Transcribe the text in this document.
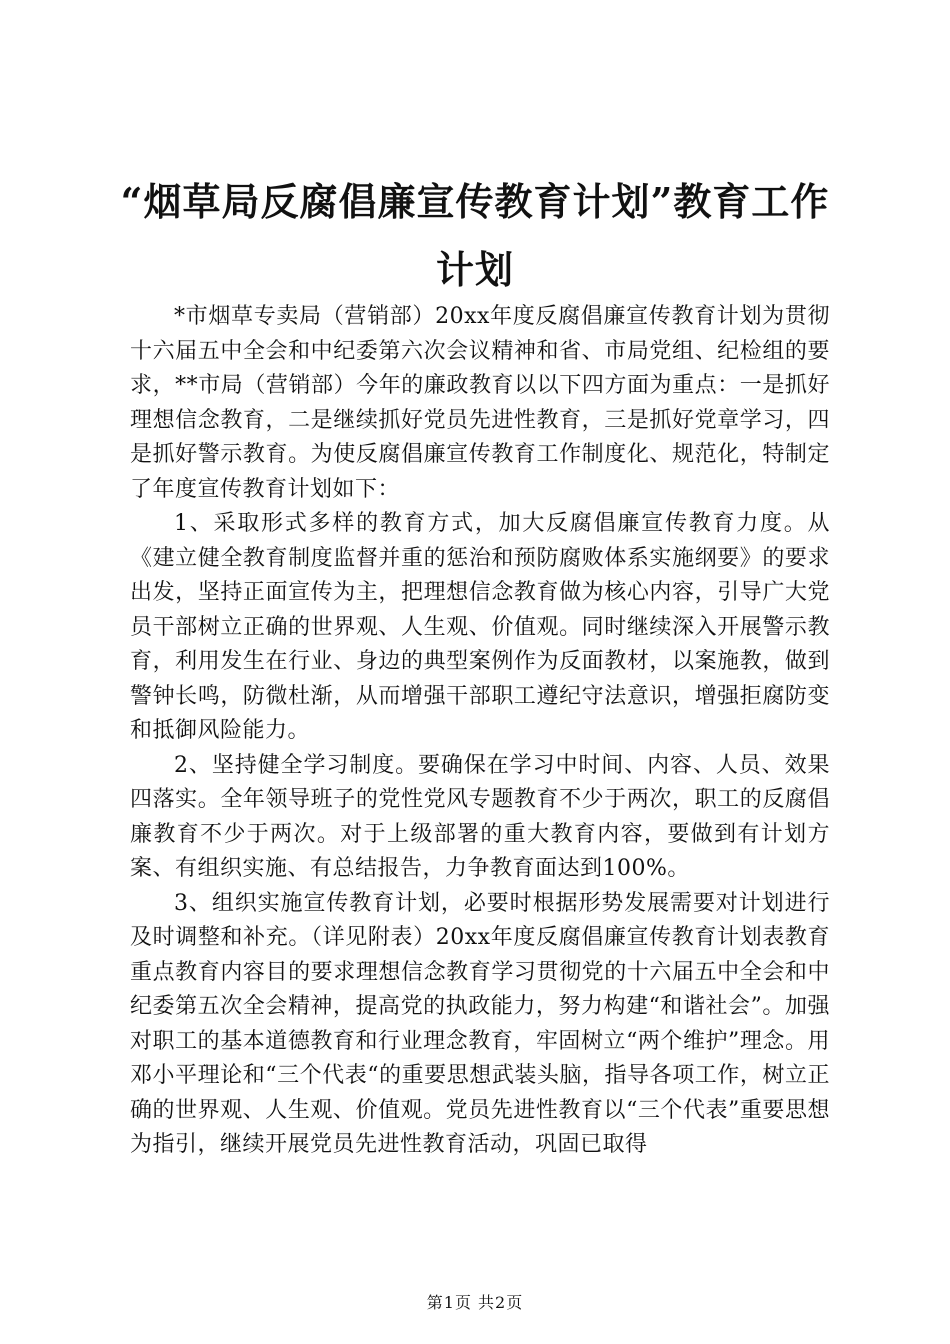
“烟草局反腐倡廉宣传教育计划”教育工作计划

*市烟草专卖局（营销部）20xx年度反腐倡廉宣传教育计划为贯彻十六届五中全会和中纪委第六次会议精神和省、市局党组、纪检组的要求，**市局（营销部）今年的廉政教育以以下四方面为重点：一是抓好理想信念教育，二是继续抓好党员先进性教育，三是抓好党章学习，四是抓好警示教育。为使反腐倡廉宣传教育工作制度化、规范化，特制定了年度宣传教育计划如下：

1、采取形式多样的教育方式，加大反腐倡廉宣传教育力度。从《建立健全教育制度监督并重的惩治和预防腐败体系实施纲要》的要求出发，坚持正面宣传为主，把理想信念教育做为核心内容，引导广大党员干部树立正确的世界观、人生观、价值观。同时继续深入开展警示教育，利用发生在行业、身边的典型案例作为反面教材，以案施教，做到警钟长鸣，防微杜渐，从而增强干部职工遵纪守法意识，增强拒腐防变和抵御风险能力。

2、坚持健全学习制度。要确保在学习中时间、内容、人员、效果四落实。全年领导班子的党性党风专题教育不少于两次，职工的反腐倡廉教育不少于两次。对于上级部署的重大教育内容，要做到有计划方案、有组织实施、有总结报告，力争教育面达到100%。

3、组织实施宣传教育计划，必要时根据形势发展需要对计划进行及时调整和补充。（详见附表）20xx年度反腐倡廉宣传教育计划表教育重点教育内容目的要求理想信念教育学习贯彻党的十六届五中全会和中纪委第五次全会精神，提高党的执政能力，努力构建“和谐社会”。加强对职工的基本道德教育和行业理念教育，牢固树立“两个维护”理念。用邓小平理论和“三个代表“的重要思想武装头脑，指导各项工作，树立正确的世界观、人生观、价值观。党员先进性教育以“三个代表”重要思想为指引，继续开展党员先进性教育活动，巩固已取得

第1页 共2页
